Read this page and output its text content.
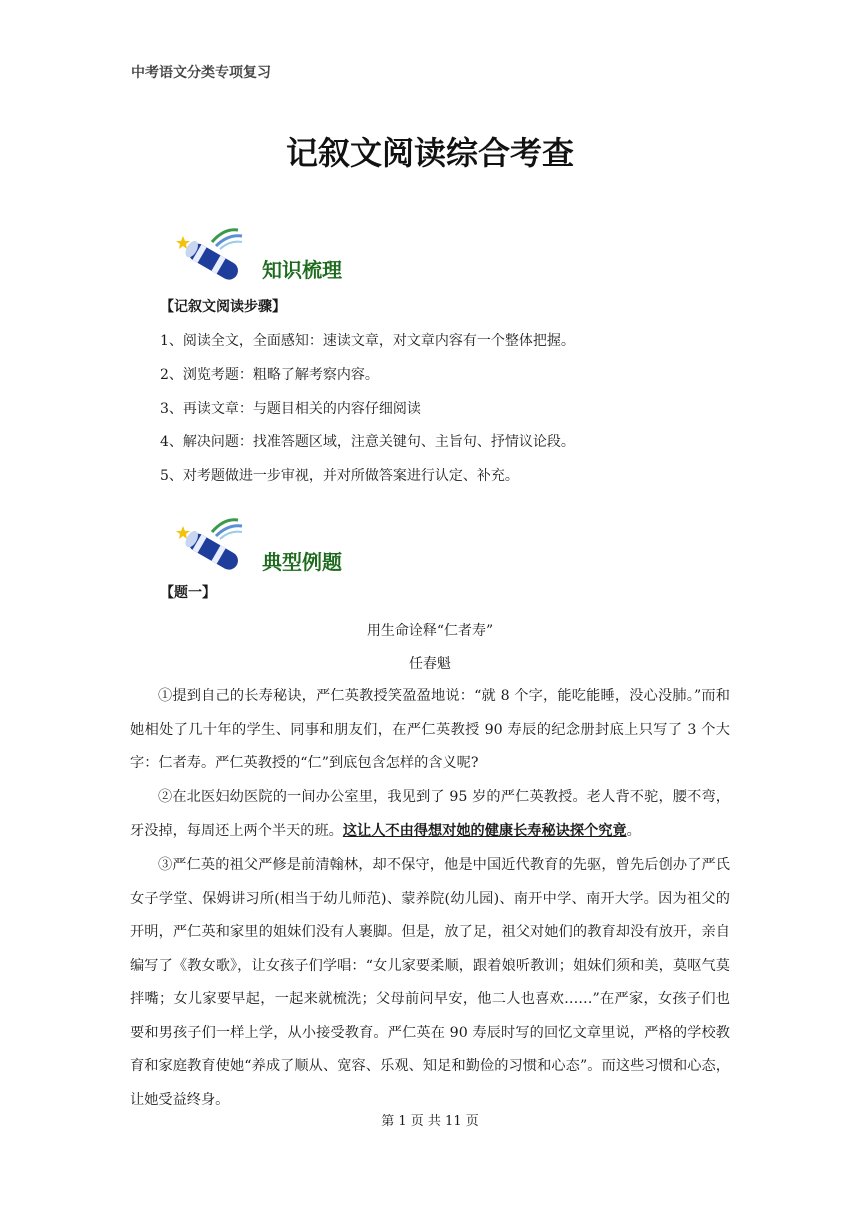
中考语文分类专项复习
记叙文阅读综合考查
知识梳理
【记叙文阅读步骤】
1、阅读全文，全面感知：速读文章，对文章内容有一个整体把握。
2、浏览考题：粗略了解考察内容。
3、再读文章：与题目相关的内容仔细阅读
4、解决问题：找准答题区域，注意关键句、主旨句、抒情议论段。
5、对考题做进一步审视，并对所做答案进行认定、补充。
典型例题
【题一】
用生命诠释“仁者寿”
任春魁
①提到自己的长寿秘诀，严仁英教授笑盈盈地说：“就 8 个字，能吃能睡，没心没肺。”而和她相处了几十年的学生、同事和朋友们，在严仁英教授 90 寿辰的纪念册封底上只写了 3 个大字：仁者寿。严仁英教授的“仁”到底包含怎样的含义呢?
②在北医妇幼医院的一间办公室里，我见到了 95 岁的严仁英教授。老人背不驼，腰不弯，牙没掉，每周还上两个半天的班。这让人不由得想对她的健康长寿秘诀探个究竟。
③严仁英的祖父严修是前清翰林，却不保守，他是中国近代教育的先驱，曾先后创办了严氏女子学堂、保姆讲习所(相当于幼儿师范)、蒙养院(幼儿园)、南开中学、南开大学。因为祖父的开明，严仁英和家里的姐妹们没有人裹脚。但是，放了足，祖父对她们的教育却没有放开，亲自编写了《教女歌》，让女孩子们学唱：“女儿家要柔顺，跟着娘听教训；姐妹们须和美，莫呕气莫拌嘴；女儿家要早起，一起来就梳洗；父母前问早安，他二人也喜欢……”在严家，女孩子们也要和男孩子们一样上学，从小接受教育。严仁英在 90 寿辰时写的回忆文章里说，严格的学校教育和家庭教育使她“养成了顺从、宽容、乐观、知足和勤俭的习惯和心态”。而这些习惯和心态，让她受益终身。
第 1 页 共 11 页
